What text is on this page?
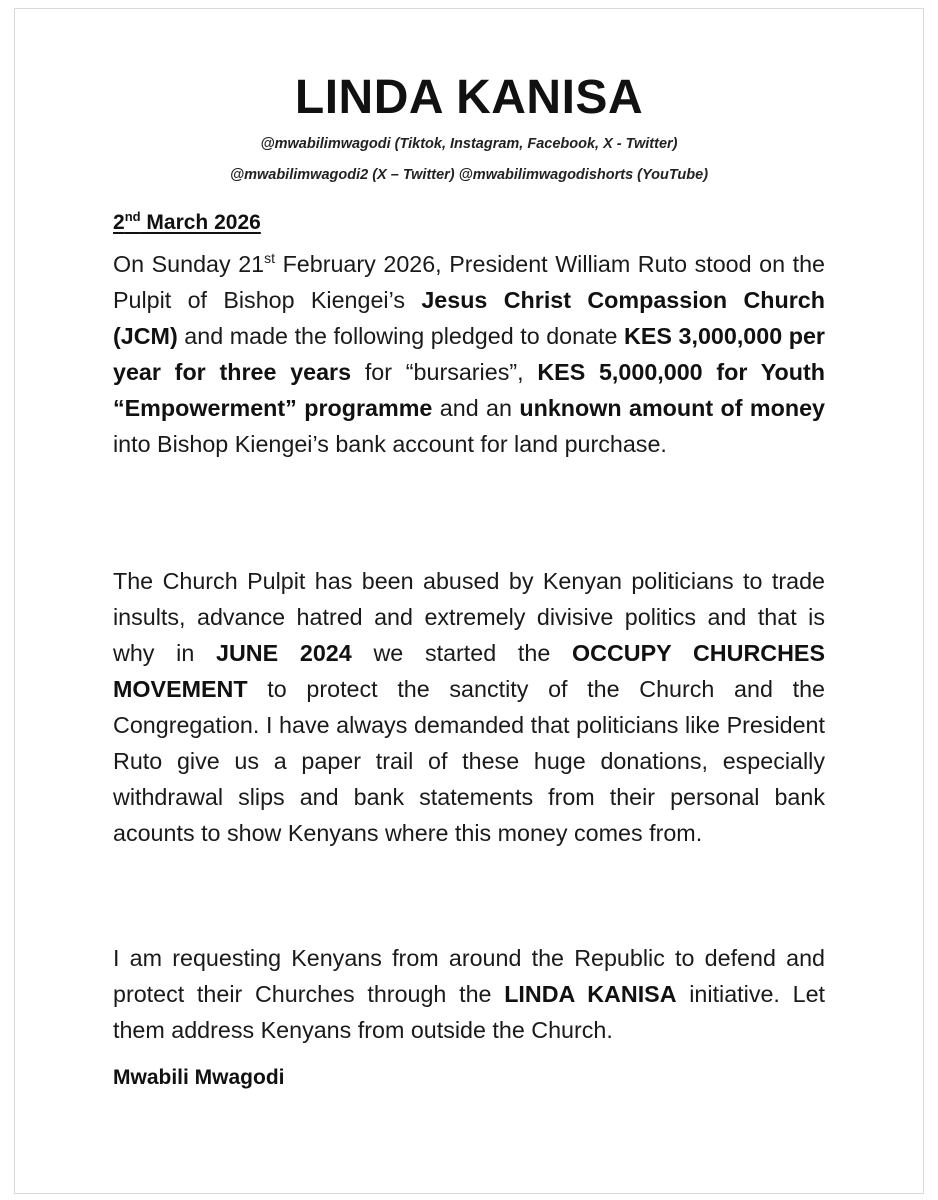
LINDA KANISA
@mwabilimwagodi (Tiktok, Instagram, Facebook, X - Twitter)
@mwabilimwagodi2 (X – Twitter) @mwabilimwagodishorts (YouTube)
2nd March 2026
On Sunday 21st February 2026, President William Ruto stood on the Pulpit of Bishop Kiengei’s Jesus Christ Compassion Church (JCM) and made the following pledged to donate KES 3,000,000 per year for three years for “bursaries”, KES 5,000,000 for Youth “Empowerment” programme and an unknown amount of money into Bishop Kiengei’s bank account for land purchase.
The Church Pulpit has been abused by Kenyan politicians to trade insults, advance hatred and extremely divisive politics and that is why in JUNE 2024 we started the OCCUPY CHURCHES MOVEMENT to protect the sanctity of the Church and the Congregation. I have always demanded that politicians like President Ruto give us a paper trail of these huge donations, especially withdrawal slips and bank statements from their personal bank acounts to show Kenyans where this money comes from.
I am requesting Kenyans from around the Republic to defend and protect their Churches through the LINDA KANISA initiative. Let them address Kenyans from outside the Church.
Mwabili Mwagodi
